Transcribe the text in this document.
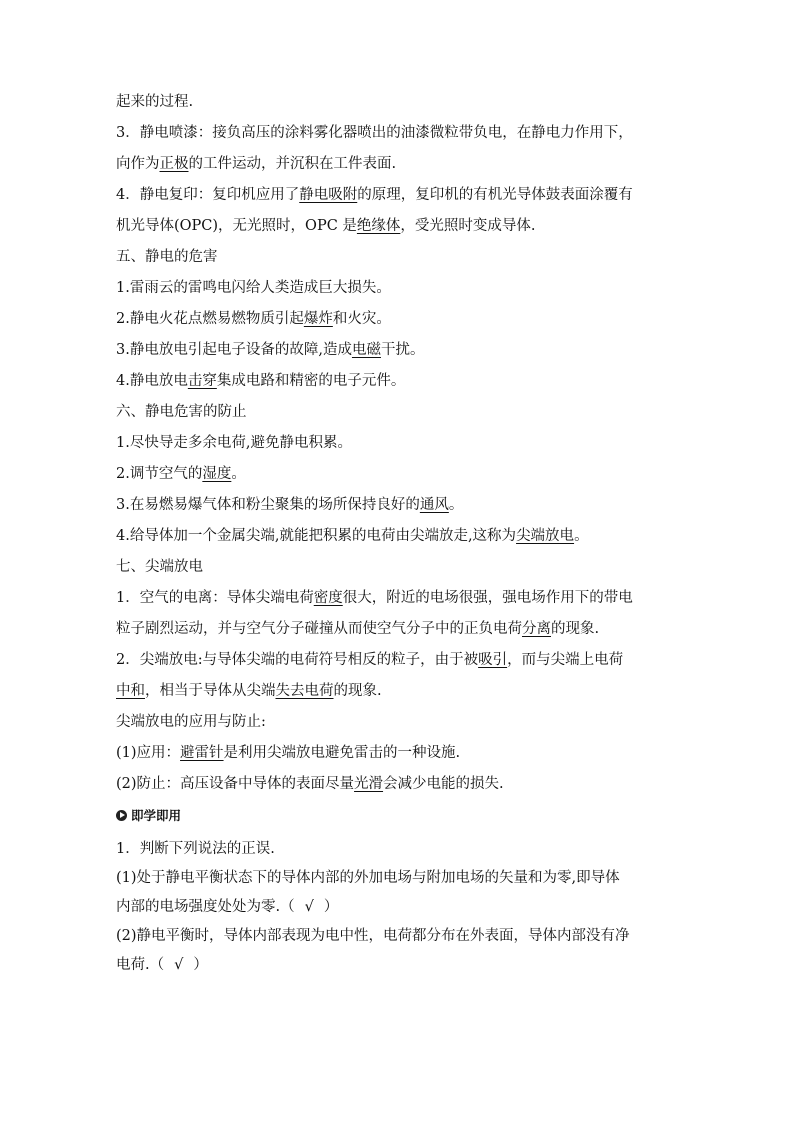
起来的过程.
3．静电喷漆：接负高压的涂料雾化器喷出的油漆微粒带负电，在静电力作用下，
向作为正极的工件运动，并沉积在工件表面.
4．静电复印：复印机应用了静电吸附的原理，复印机的有机光导体鼓表面涂覆有
机光导体(OPC)，无光照时，OPC 是绝缘体，受光照时变成导体.
五、静电的危害
1.雷雨云的雷鸣电闪给人类造成巨大损失。
2.静电火花点燃易燃物质引起爆炸和火灾。
3.静电放电引起电子设备的故障,造成电磁干扰。
4.静电放电击穿集成电路和精密的电子元件。
六、静电危害的防止
1.尽快导走多余电荷,避免静电积累。
2.调节空气的湿度。
3.在易燃易爆气体和粉尘聚集的场所保持良好的通风。
4.给导体加一个金属尖端,就能把积累的电荷由尖端放走,这称为尖端放电。
七、尖端放电
1．空气的电离：导体尖端电荷密度很大，附近的电场很强，强电场作用下的带电
粒子剧烈运动，并与空气分子碰撞从而使空气分子中的正负电荷分离的现象.
2．尖端放电:与导体尖端的电荷符号相反的粒子，由于被吸引，而与尖端上电荷
中和，相当于导体从尖端失去电荷的现象.
尖端放电的应用与防止:
(1)应用：避雷针是利用尖端放电避免雷击的一种设施.
(2)防止：高压设备中导体的表面尽量光滑会减少电能的损失.
即学即用
1．判断下列说法的正误.
(1)处于静电平衡状态下的导体内部的外加电场与附加电场的矢量和为零,即导体
内部的电场强度处处为零.（ √ ）
(2)静电平衡时，导体内部表现为电中性，电荷都分布在外表面，导体内部没有净
电荷.（ √ ）
